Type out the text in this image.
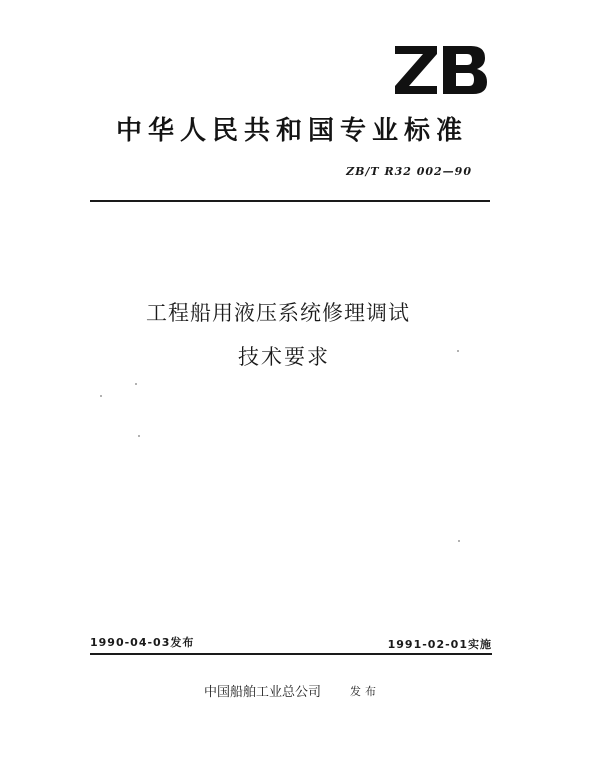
中华人民共和国专业标准
ZB/T R32 002—90
工程船用液压系统修理调试
技术要求
1990-04-03发布	1991-02-01实施
中国船舶工业总公司	发布
